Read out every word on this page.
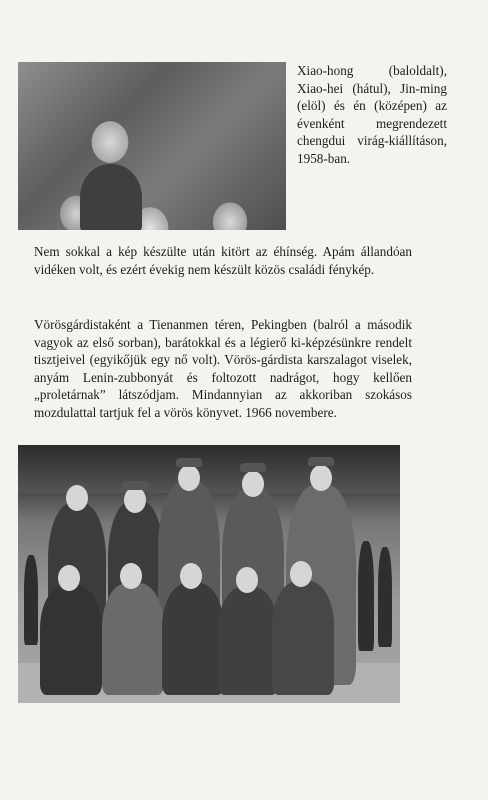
Xiao-hong (baloldalt), Xiao-hei (hátul), Jin-ming (elöl) és én (középen) az évenként megrendezett chengdui virág-kiállításon, 1958-ban.

Nem sokkal a kép készülte után kitört az éhínség. Apám állandóan vidéken volt, és ezért évekig nem készült közös családi fénykép.

Vörösgárdistaként a Tienanmen téren, Pekingben (balról a második vagyok az első sorban), barátokkal és a légierő ki-képzésünkre rendelt tisztjeivel (egyikőjük egy nő volt). Vörös-gárdista karszalagot viselek, anyám Lenin-zubbonyát és foltozott nadrágot, hogy kellően „proletárnak” látszódjam. Mindannyian az akkoriban szokásos mozdulattal tartjuk fel a vörös könyvet. 1966 novembere.
